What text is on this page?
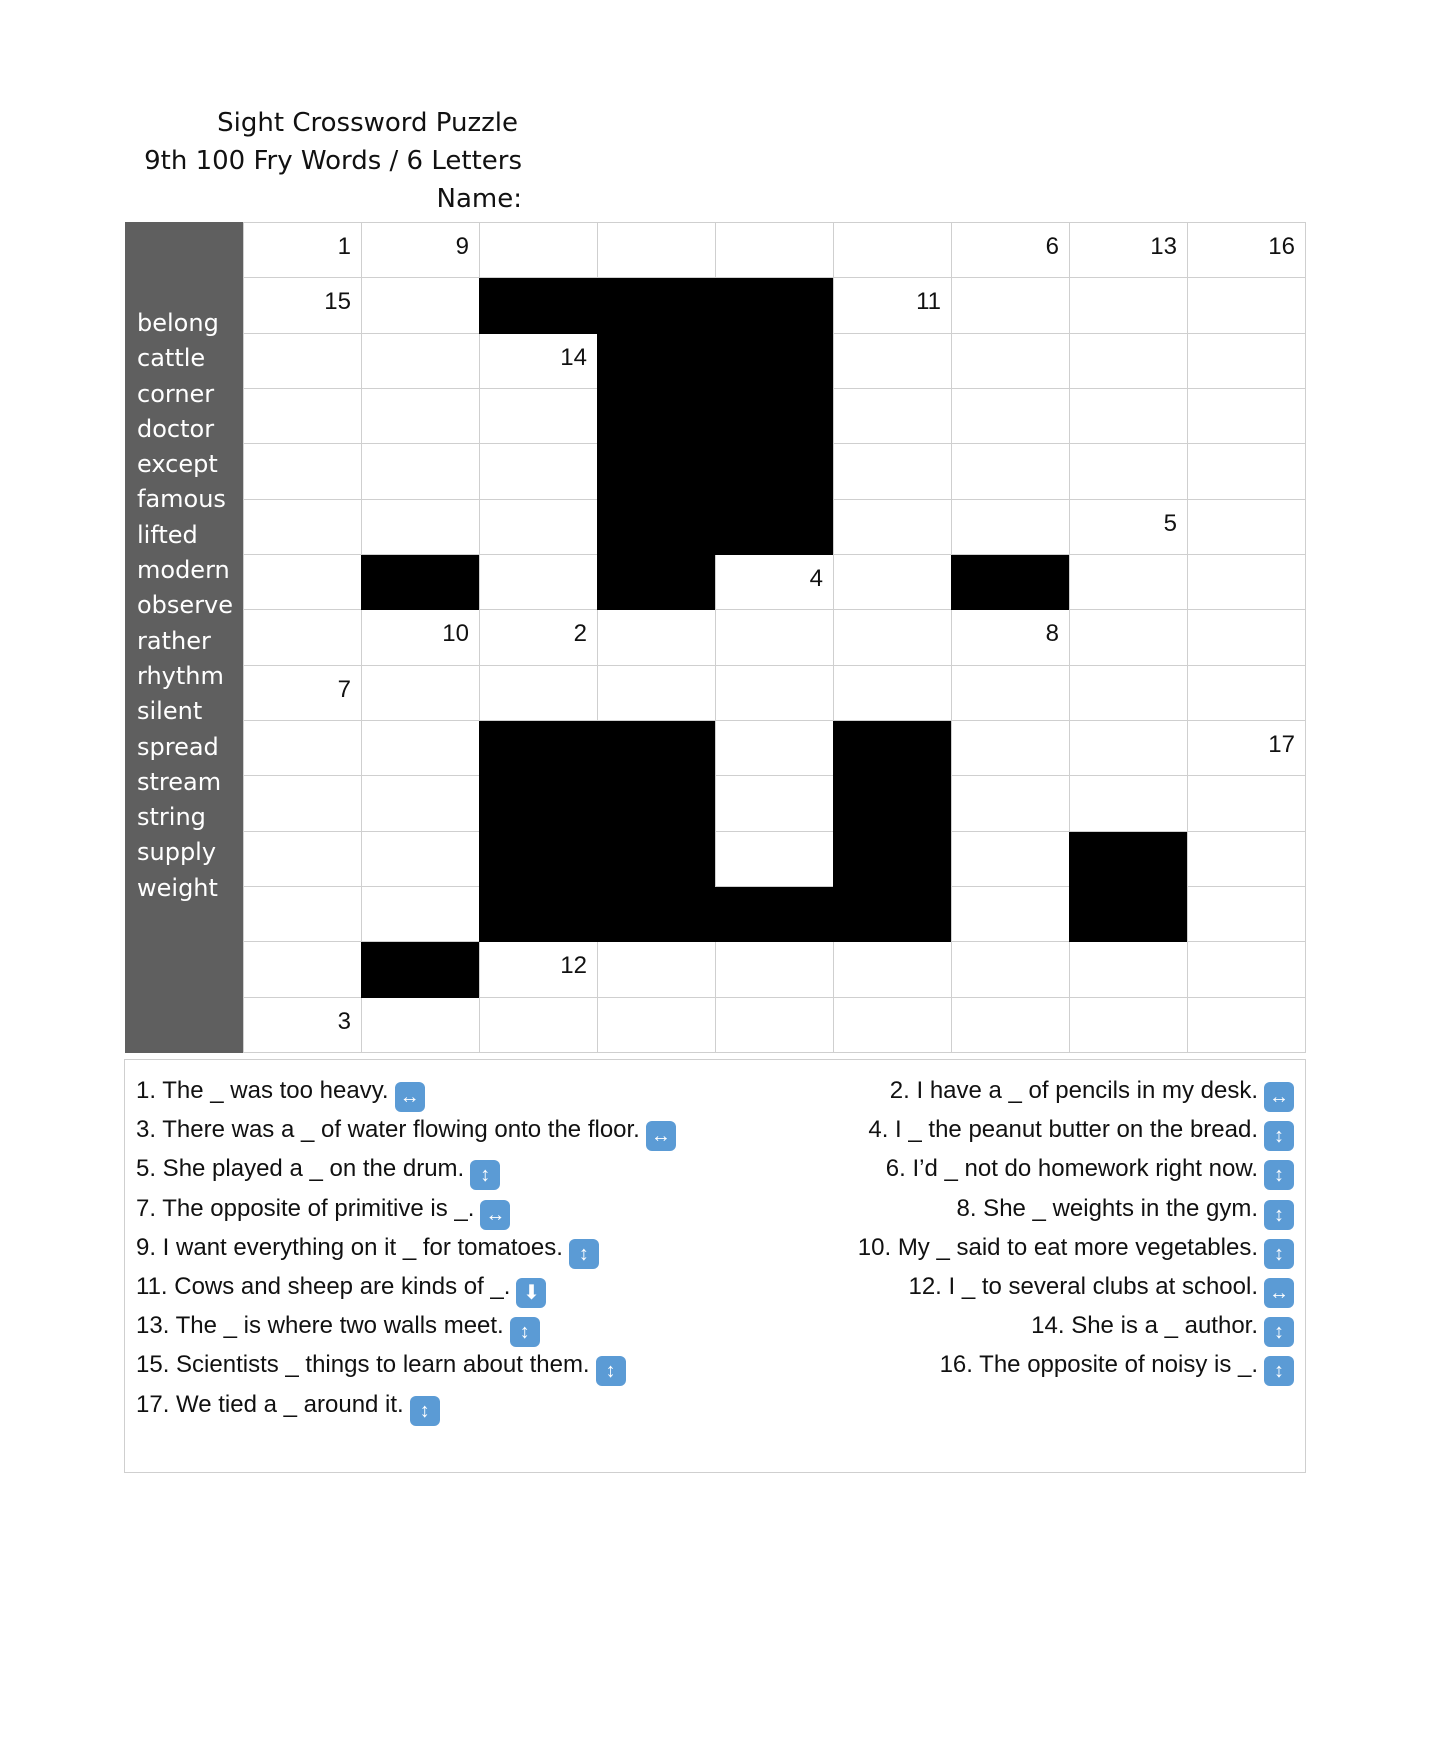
Sight Crossword Puzzle
9th 100 Fry Words / 6 Letters
Name:
belong
cattle
corner
doctor
except
famous
lifted
modern
observe
rather
rhythm
silent
spread
stream
string
supply
weight
1	9	6	13	16
15	11
14
5
4
10	2	8
7
17
12
3
1. The _ was too heavy. ↔	2. I have a _ of pencils in my desk. ↔
3. There was a _ of water flowing onto the floor. ↔	4. I _ the peanut butter on the bread. ↕
5. She played a _ on the drum. ↕	6. I’d _ not do homework right now. ↕
7. The opposite of primitive is _. ↔	8. She _ weights in the gym. ↕
9. I want everything on it _ for tomatoes. ↕	10. My _ said to eat more vegetables. ↕
11. Cows and sheep are kinds of _. ⬇	12. I _ to several clubs at school. ↔
13. The _ is where two walls meet. ↕	14. She is a _ author. ↕
15. Scientists _ things to learn about them. ↕	16. The opposite of noisy is _. ↕
17. We tied a _ around it. ↕
